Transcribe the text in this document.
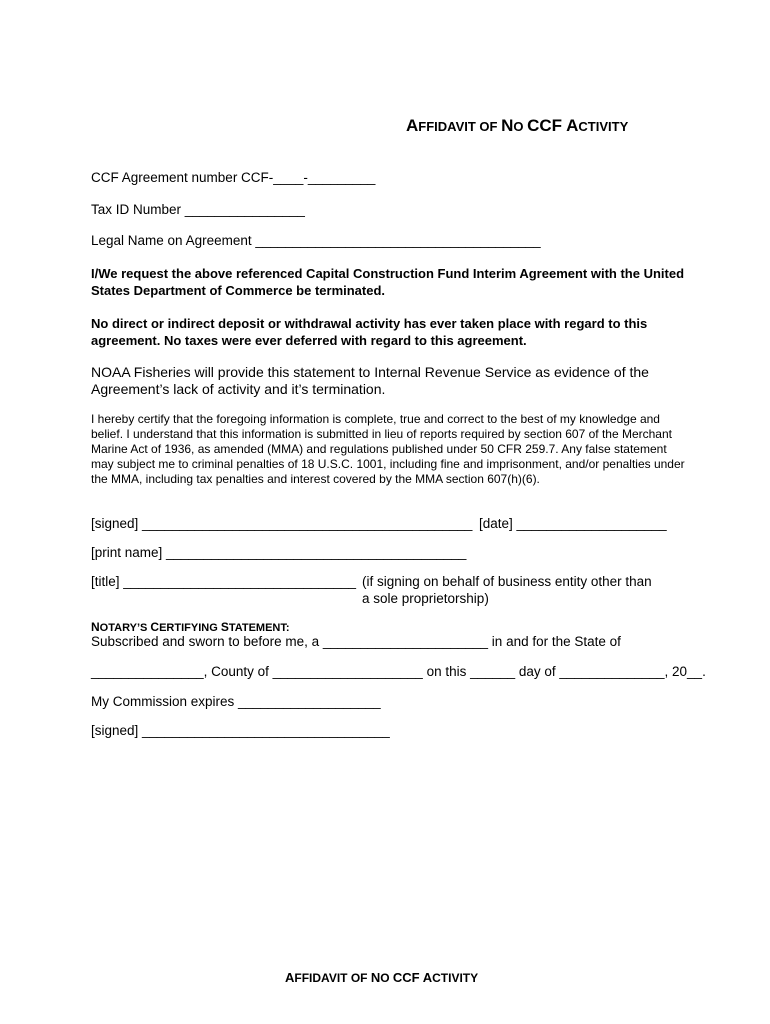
AFFIDAVIT OF NO CCF ACTIVITY

CCF Agreement number CCF-____-_________

Tax ID Number ________________

Legal Name on Agreement ______________________________________

I/We request the above referenced Capital Construction Fund Interim Agreement with the United States Department of Commerce be terminated.

No direct or indirect deposit or withdrawal activity has ever taken place with regard to this agreement. No taxes were ever deferred with regard to this agreement.

NOAA Fisheries will provide this statement to Internal Revenue Service as evidence of the Agreement’s lack of activity and it’s termination.

I hereby certify that the foregoing information is complete, true and correct to the best of my knowledge and belief. I understand that this information is submitted in lieu of reports required by section 607 of the Merchant Marine Act of 1936, as amended (MMA) and regulations published under 50 CFR 259.7. Any false statement may subject me to criminal penalties of 18 U.S.C. 1001, including fine and imprisonment, and/or penalties under the MMA, including tax penalties and interest covered by the MMA section 607(h)(6).

[signed] ____________________________________________ [date] ____________________

[print name] ________________________________________

[title] _______________________________ (if signing on behalf of business entity other than

a sole proprietorship)

NOTARY’S CERTIFYING STATEMENT:

Subscribed and sworn to before me, a ______________________ in and for the State of

_______________, County of ____________________ on this ______ day of ______________, 20__.

My Commission expires ___________________

[signed] _________________________________

AFFIDAVIT OF NO CCF ACTIVITY
